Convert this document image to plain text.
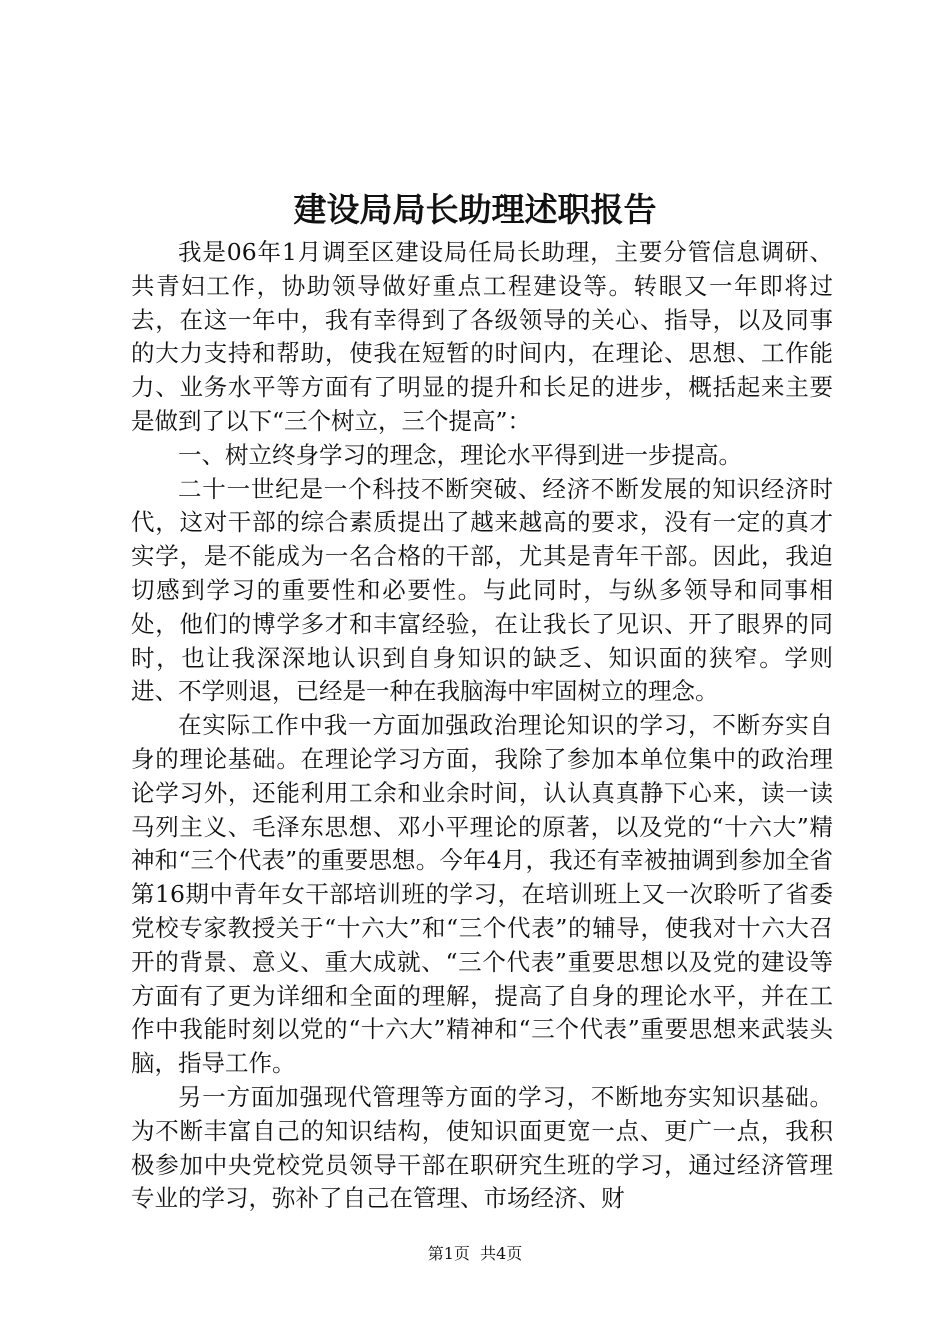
建设局局长助理述职报告

我是06年1月调至区建设局任局长助理，主要分管信息调研、共青妇工作，协助领导做好重点工程建设等。转眼又一年即将过去，在这一年中，我有幸得到了各级领导的关心、指导，以及同事的大力支持和帮助，使我在短暂的时间内，在理论、思想、工作能力、业务水平等方面有了明显的提升和长足的进步，概括起来主要是做到了以下“三个树立，三个提高”：

一、树立终身学习的理念，理论水平得到进一步提高。

二十一世纪是一个科技不断突破、经济不断发展的知识经济时代，这对干部的综合素质提出了越来越高的要求，没有一定的真才实学，是不能成为一名合格的干部，尤其是青年干部。因此，我迫切感到学习的重要性和必要性。与此同时，与纵多领导和同事相处，他们的博学多才和丰富经验，在让我长了见识、开了眼界的同时，也让我深深地认识到自身知识的缺乏、知识面的狭窄。学则进、不学则退，已经是一种在我脑海中牢固树立的理念。

在实际工作中我一方面加强政治理论知识的学习，不断夯实自身的理论基础。在理论学习方面，我除了参加本单位集中的政治理论学习外，还能利用工余和业余时间，认认真真静下心来，读一读马列主义、毛泽东思想、邓小平理论的原著，以及党的“十六大”精神和“三个代表”的重要思想。今年4月，我还有幸被抽调到参加全省第16期中青年女干部培训班的学习，在培训班上又一次聆听了省委党校专家教授关于“十六大”和“三个代表”的辅导，使我对十六大召开的背景、意义、重大成就、“三个代表”重要思想以及党的建设等方面有了更为详细和全面的理解，提高了自身的理论水平，并在工作中我能时刻以党的“十六大”精神和“三个代表”重要思想来武装头脑，指导工作。

另一方面加强现代管理等方面的学习，不断地夯实知识基础。为不断丰富自己的知识结构，使知识面更宽一点、更广一点，我积极参加中央党校党员领导干部在职研究生班的学习，通过经济管理专业的学习，弥补了自己在管理、市场经济、财

第1页 共4页
